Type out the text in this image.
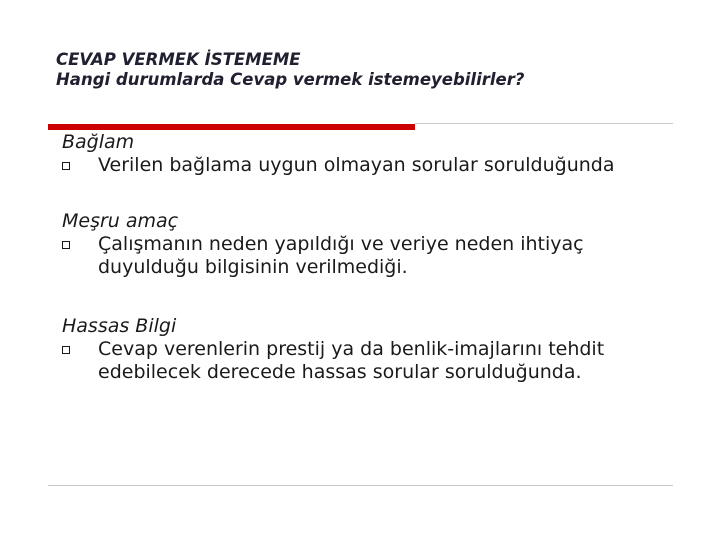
CEVAP VERMEK İSTEMEME
Hangi durumlarda Cevap vermek istemeyebilirler?
Bağlam
Verilen bağlama uygun olmayan sorular sorulduğunda
Meşru amaç
Çalışmanın neden yapıldığı ve veriye neden ihtiyaç duyulduğu bilgisinin verilmediği.
Hassas Bilgi
Cevap verenlerin prestij ya da benlik-imajlarını tehdit edebilecek derecede hassas sorular sorulduğunda.
